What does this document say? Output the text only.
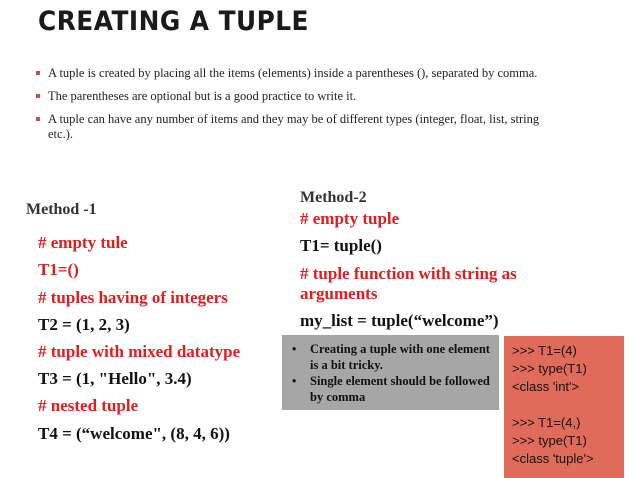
CREATING A TUPLE
A tuple is created by placing all the items (elements) inside a parentheses (), separated by comma.
The parentheses are optional but is a good practice to write it.
A tuple can have any number of items and they may be of different types (integer, float, list, string etc.).
Method -1

# empty tule

T1=()

# tuples having of integers

T2 = (1, 2, 3)

# tuple with mixed datatype

T3 = (1, "Hello", 3.4)

# nested tuple

T4 = (“welcome", (8, 4, 6))

Method-2

# empty tuple

T1= tuple()

# tuple function with string as

arguments

my_list = tuple(“welcome”)

• Creating a tuple with one element is a bit tricky.
• Single element should be followed by comma
>>> T1=(4)
>>> type(T1)
<class 'int'>
>>> T1=(4,)
>>> type(T1)
<class 'tuple'>
